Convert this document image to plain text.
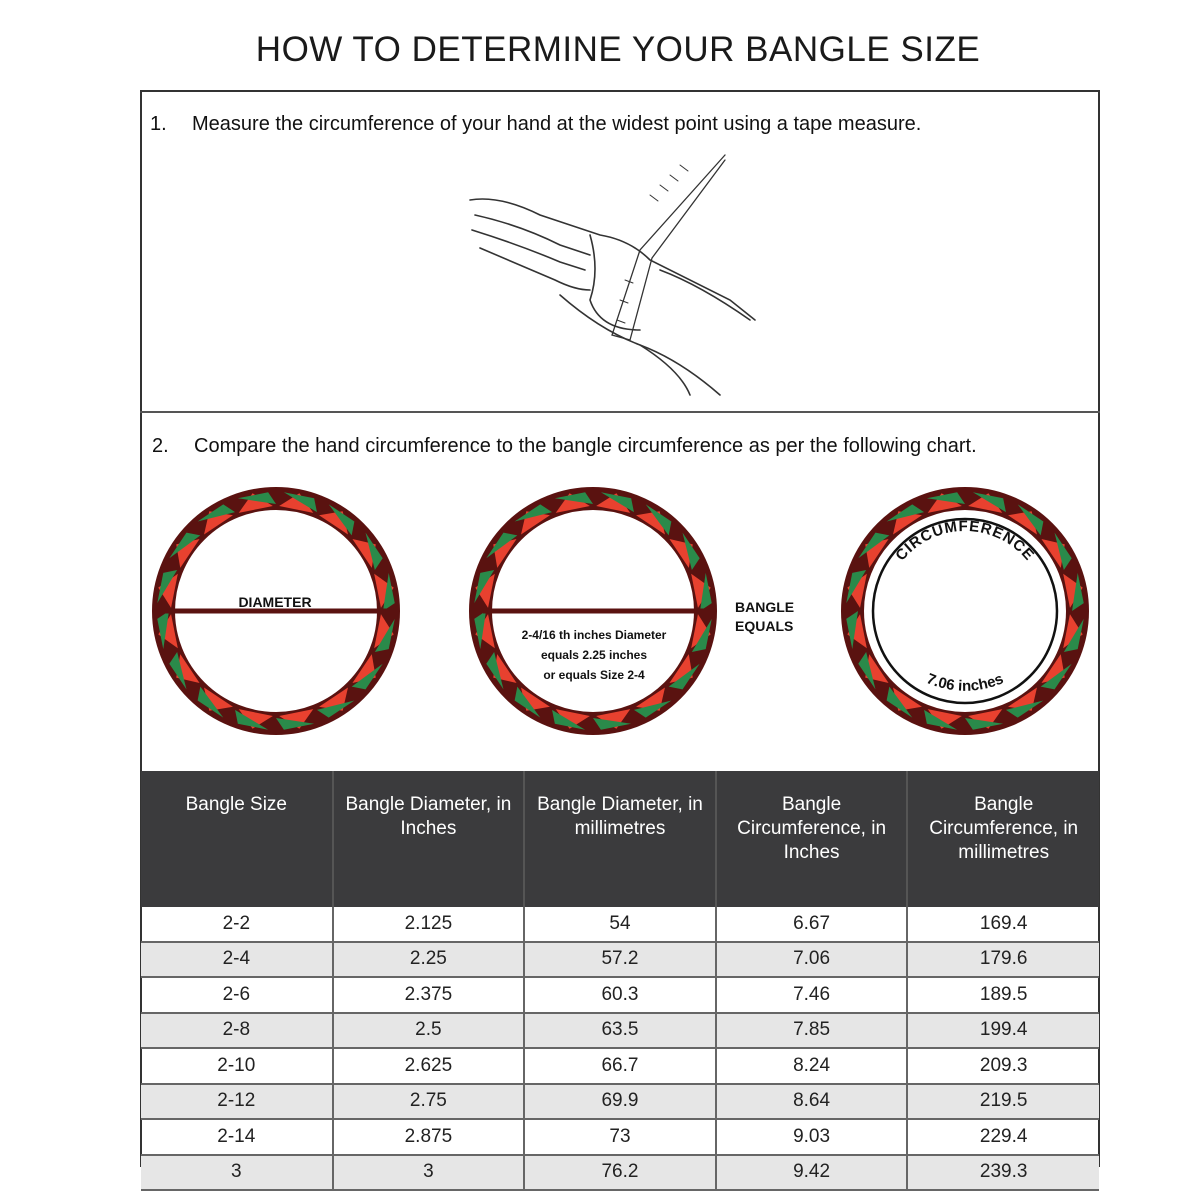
HOW TO DETERMINE YOUR BANGLE SIZE
1. Measure the circumference of your hand at the widest point using a tape measure.
2. Compare the hand circumference to the bangle circumference as per the following chart.
CIRCUMFERENCE
7.06 inches
DIAMETER
2-4/16 th inches Diameter
equals 2.25 inches
or equals Size 2-4
BANGLE
EQUALS
Bangle Size	Bangle Diameter, in Inches	Bangle Diameter, in millimetres	Bangle Circumference, in Inches	Bangle Circumference, in millimetres
2-2	2.125	54	6.67	169.4
2-4	2.25	57.2	7.06	179.6
2-6	2.375	60.3	7.46	189.5
2-8	2.5	63.5	7.85	199.4
2-10	2.625	66.7	8.24	209.3
2-12	2.75	69.9	8.64	219.5
2-14	2.875	73	9.03	229.4
3	3	76.2	9.42	239.3
